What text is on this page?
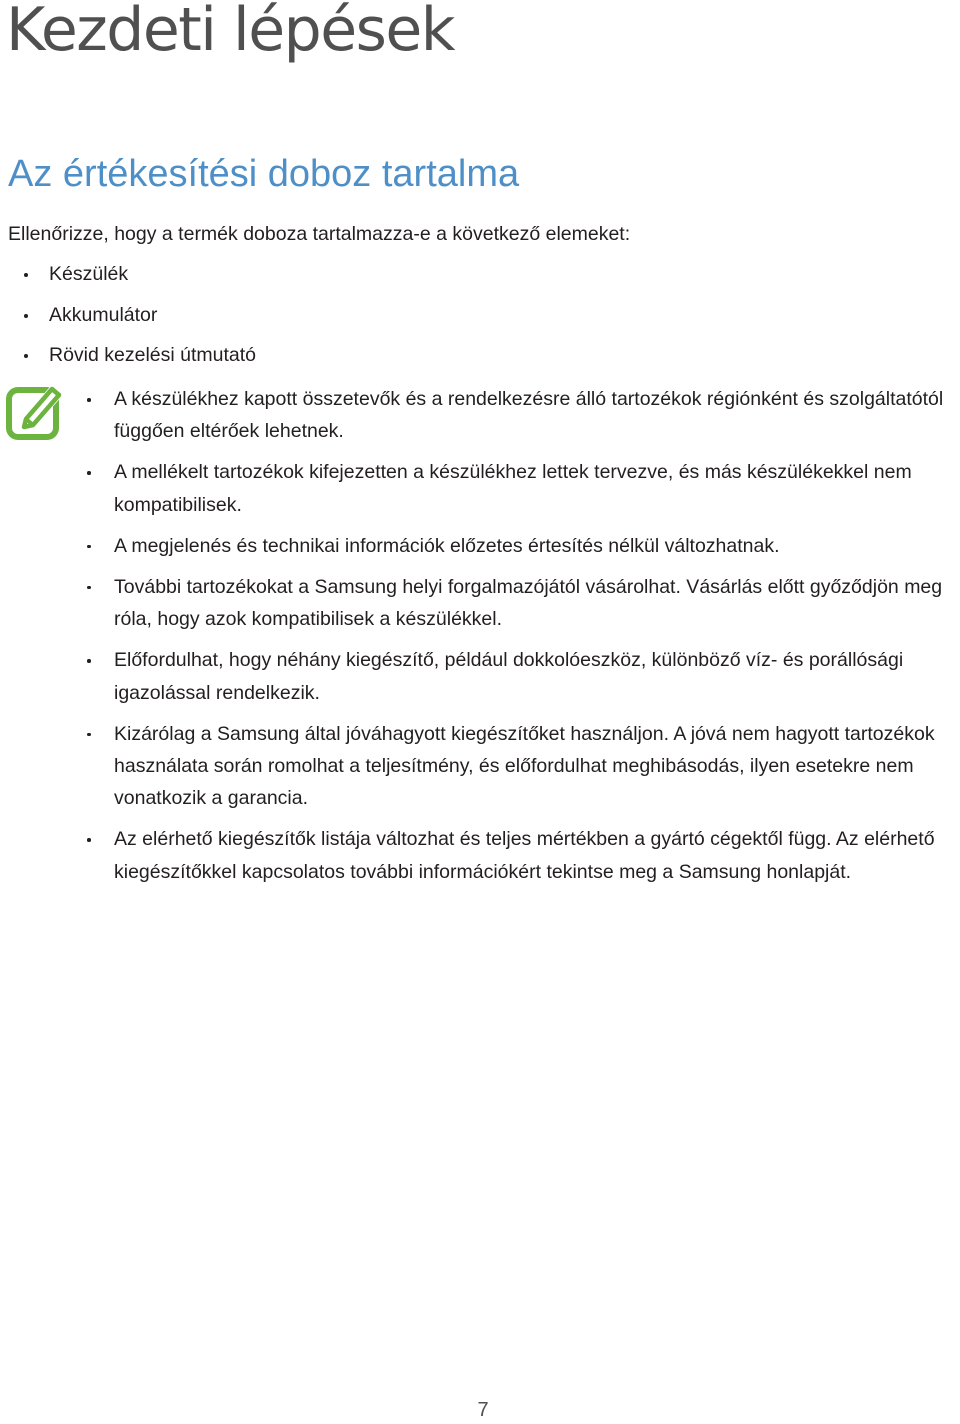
Kezdeti lépések
Az értékesítési doboz tartalma

Ellenőrizze, hogy a termék doboza tartalmazza-e a következő elemeket:

Készülék
Akkumulátor
Rövid kezelési útmutató
A készülékhez kapott összetevők és a rendelkezésre álló tartozékok régiónként és szolgáltatótól függően eltérőek lehetnek.
A mellékelt tartozékok kifejezetten a készülékhez lettek tervezve, és más készülékekkel nem kompatibilisek.
A megjelenés és technikai információk előzetes értesítés nélkül változhatnak.
További tartozékokat a Samsung helyi forgalmazójától vásárolhat. Vásárlás előtt győződjön meg róla, hogy azok kompatibilisek a készülékkel.
Előfordulhat, hogy néhány kiegészítő, például dokkolóeszköz, különböző víz- és porállósági igazolással rendelkezik.
Kizárólag a Samsung által jóváhagyott kiegészítőket használjon. A jóvá nem hagyott tartozékok használata során romolhat a teljesítmény, és előfordulhat meghibásodás, ilyen esetekre nem vonatkozik a garancia.
Az elérhető kiegészítők listája változhat és teljes mértékben a gyártó cégektől függ. Az elérhető kiegészítőkkel kapcsolatos további információkért tekintse meg a Samsung honlapját.
7
